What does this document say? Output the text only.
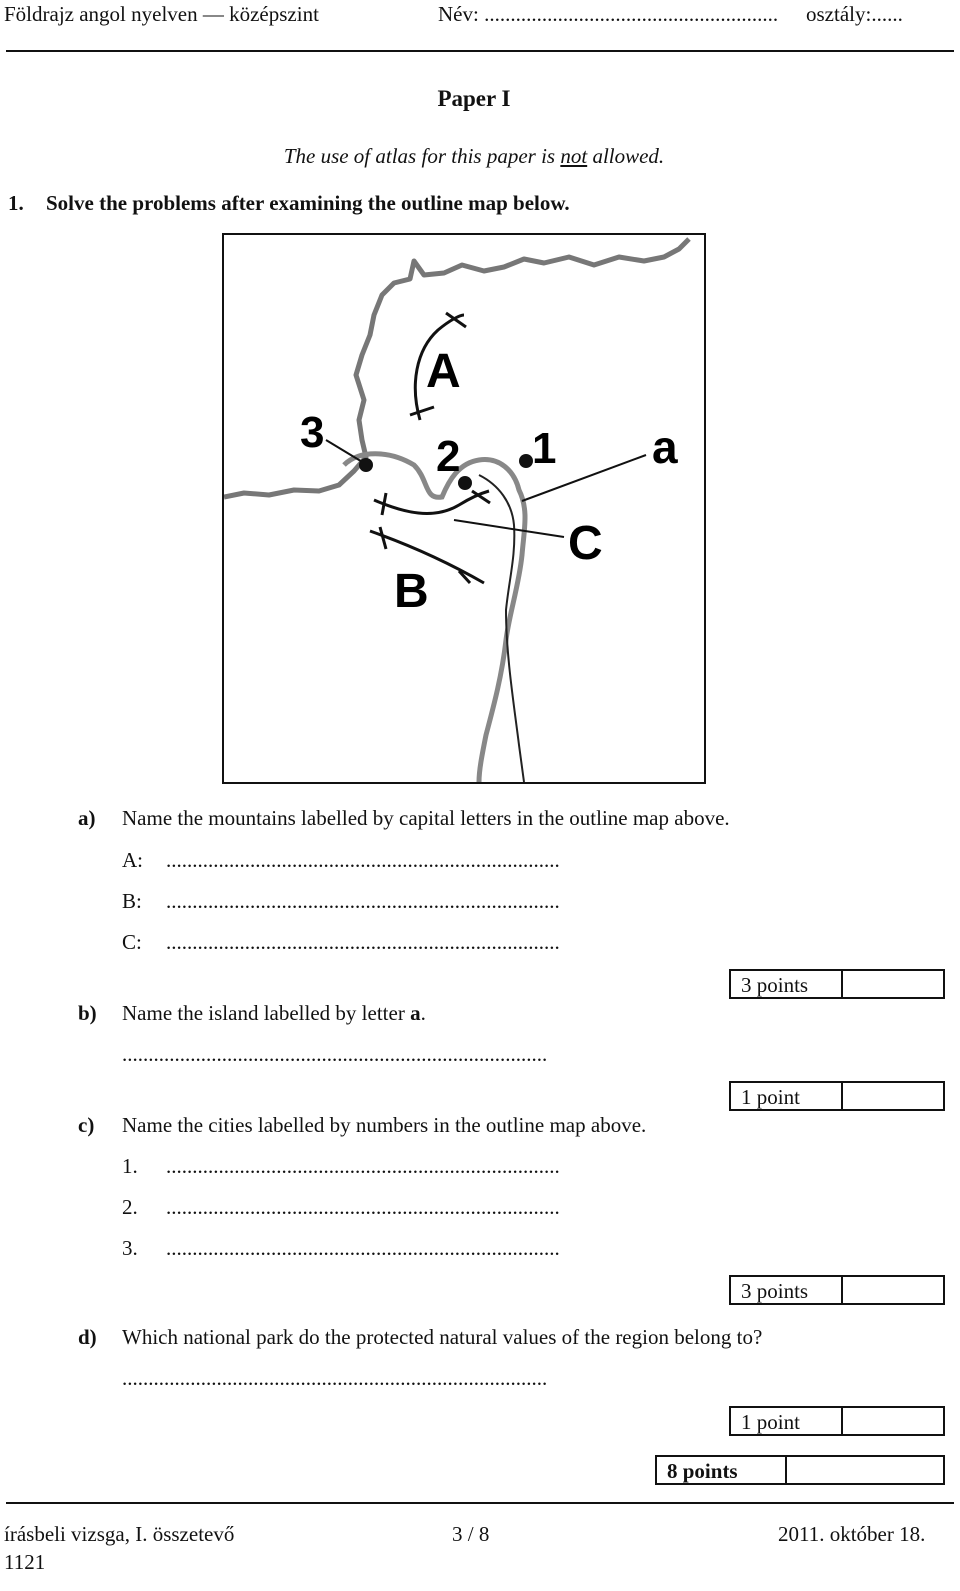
Földrajz angol nyelven — középszint	Név: ........................................................ osztály:......
Paper I
The use of atlas for this paper is not allowed.
1. Solve the problems after examining the outline map below.
A
B
C
1
2
3	a
a) Name the mountains labelled by capital letters in the outline map above.
A: ...........................................................................
B: ...........................................................................
C: ...........................................................................
3 points
b) Name the island labelled by letter a.
.................................................................................
1 point
c) Name the cities labelled by numbers in the outline map above.
1. ...........................................................................
2. ...........................................................................
3. ...........................................................................
3 points
d) Which national park do the protected natural values of the region belong to?
.................................................................................
1 point
8 points
írásbeli vizsga, I. összetevő	3 / 8	2011. október 18.
1121
